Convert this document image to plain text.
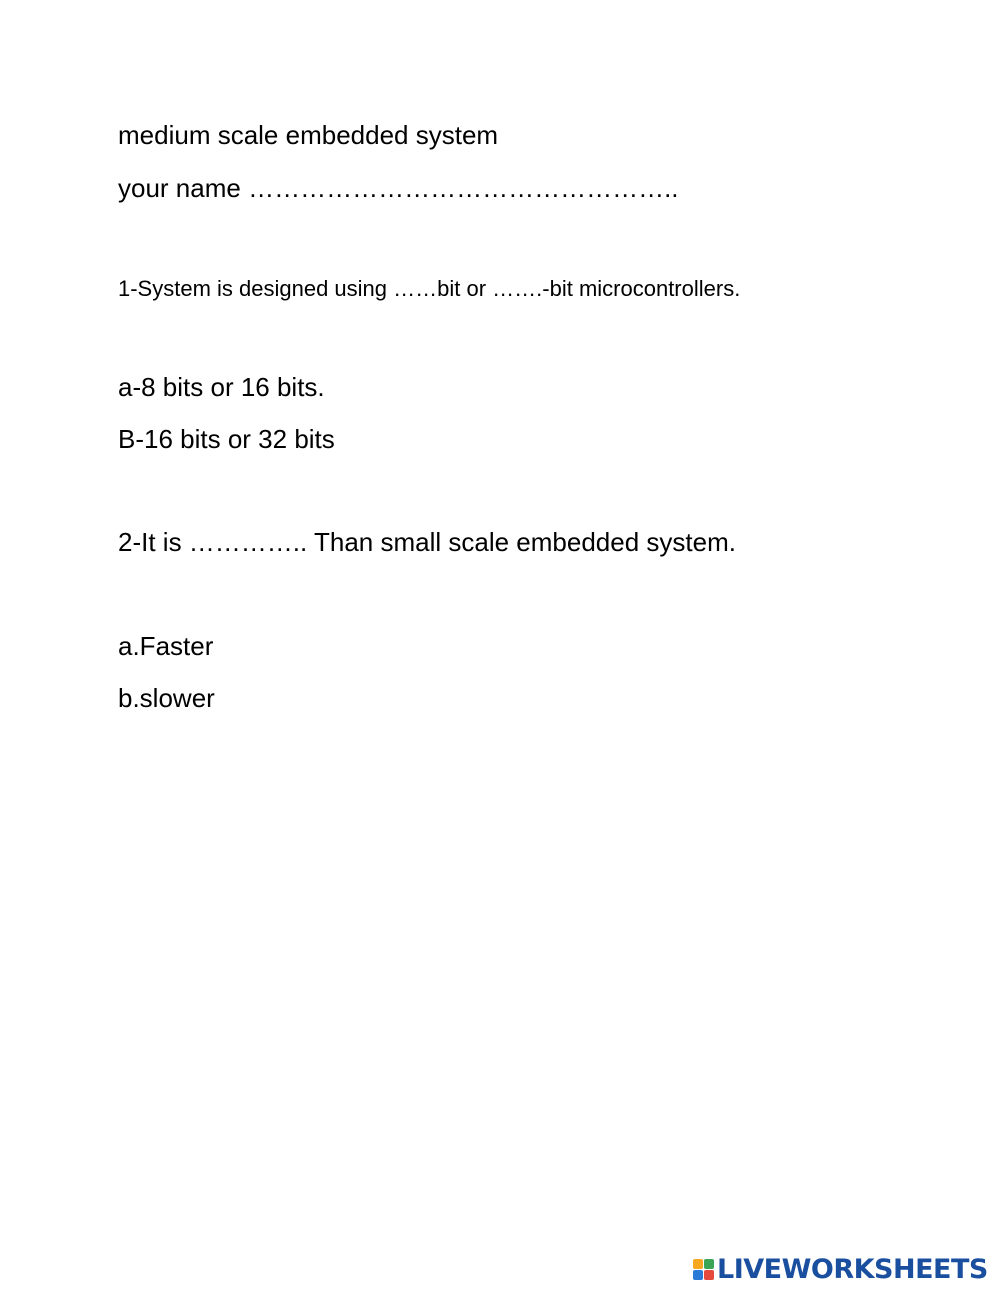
medium scale embedded system
your name …………………………………………..
1-System is designed using ……bit or …….-bit microcontrollers.
a-8 bits or 16 bits.
B-16 bits or 32 bits
2-It is ………….. Than small scale embedded system.
a.Faster
b.slower
LIVEWORKSHEETS
